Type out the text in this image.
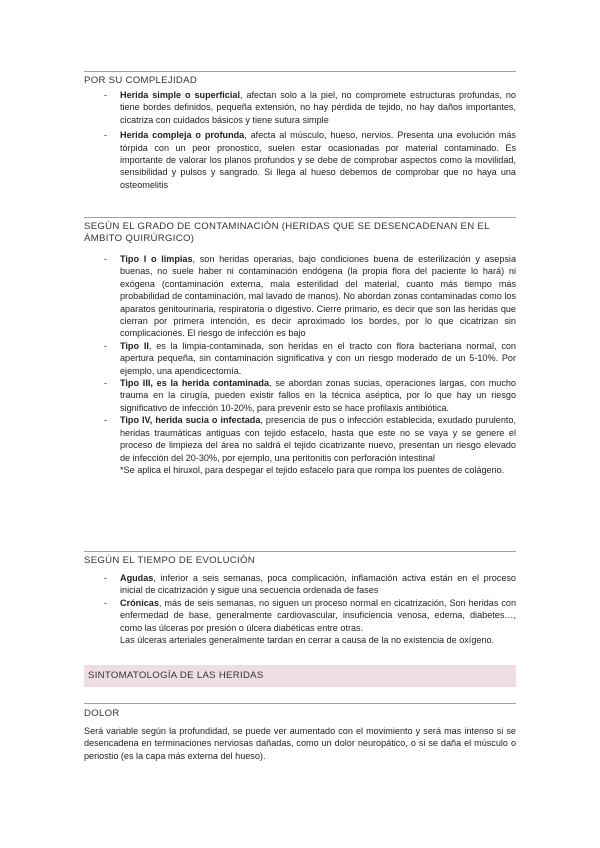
POR SU COMPLEJIDAD
- Herida simple o superficial, afectan solo a la piel, no compromete estructuras profundas, no tiene bordes definidos, pequeña extensión, no hay pérdida de tejido, no hay daños importantes, cicatriza con cuidados básicos y tiene sutura simple
- Herida compleja o profunda, afecta al músculo, hueso, nervios. Presenta una evolución más tórpida con un peor pronostico, suelen estar ocasionadas por material contaminado. Es importante de valorar los planos profundos y se debe de comprobar aspectos como la movilidad, sensibilidad y pulsos y sangrado. Si llega al hueso debemos de comprobar que no haya una osteomelitis
SEGÚN EL GRADO DE CONTAMINACIÓN (HERIDAS QUE SE DESENCADENAN EN EL ÁMBITO QUIRÚRGICO)
- Tipo I o limpias, son heridas operarias, bajo condiciones buena de esterilización y asepsia buenas, no suele haber ni contaminación endógena (la propia flora del paciente lo hará) ni exógena (contaminación externa, mala esterilidad del material, cuanto más tiempo más probabilidad de contaminación, mal lavado de manos). No abordan zonas contaminadas como los aparatos genitourinaria, respiratoria o digestivo. Cierre primario, es decir que son las heridas que cierran por primera intención, es decir aproximado los bordes, por lo que cicatrizan sin complicaciones. El riesgo de infección es bajo
- Tipo II, es la limpia-contaminada, son heridas en el tracto con flora bacteriana normal, con apertura pequeña, sin contaminación significativa y con un riesgo moderado de un 5-10%. Por ejemplo, una apendicectomía.
- Tipo III, es la herida contaminada, se abordan zonas sucias, operaciones largas, con mucho trauma en la cirugía, pueden existir fallos en la técnica aséptica, por lo que hay un riesgo significativo de infección 10-20%, para prevenir esto se hace profilaxis antibiótica.
- Tipo IV, herida sucia o infectada, presencia de pus o infección establecida, exudado purulento, heridas traumáticas antiguas con tejido esfacelo, hasta que este no se vaya y se genere el proceso de limpieza del área no saldrá el tejido cicatrizante nuevo, presentan un riesgo elevado de infección del 20-30%, por ejemplo, una peritonitis con perforación intestinal
*Se aplica el hiruxol, para despegar el tejido esfacelo para que rompa los puentes de colágeno.
SEGÚN EL TIEMPO DE EVOLUCIÓN
- Agudas, inferior a seis semanas, poca complicación, inflamación activa están en el proceso inicial de cicatrización y sigue una secuencia ordenada de fases
- Crónicas, más de seis semanas, no siguen un proceso normal en cicatrización, Son heridas con enfermedad de base, generalmente cardiovascular, insuficiencia venosa, edema, diabetes…, como las úlceras por presión o úlcera diabéticas entre otras.
Las úlceras arteriales generalmente tardan en cerrar a causa de la no existencia de oxígeno.
SINTOMATOLOGÍA DE LAS HERIDAS
DOLOR
Será variable según la profundidad, se puede ver aumentado con el movimiento y será mas intenso si se desencadena en terminaciones nerviosas dañadas, como un dolor neuropático, o si se daña el músculo o periostio (es la capa más externa del hueso).
